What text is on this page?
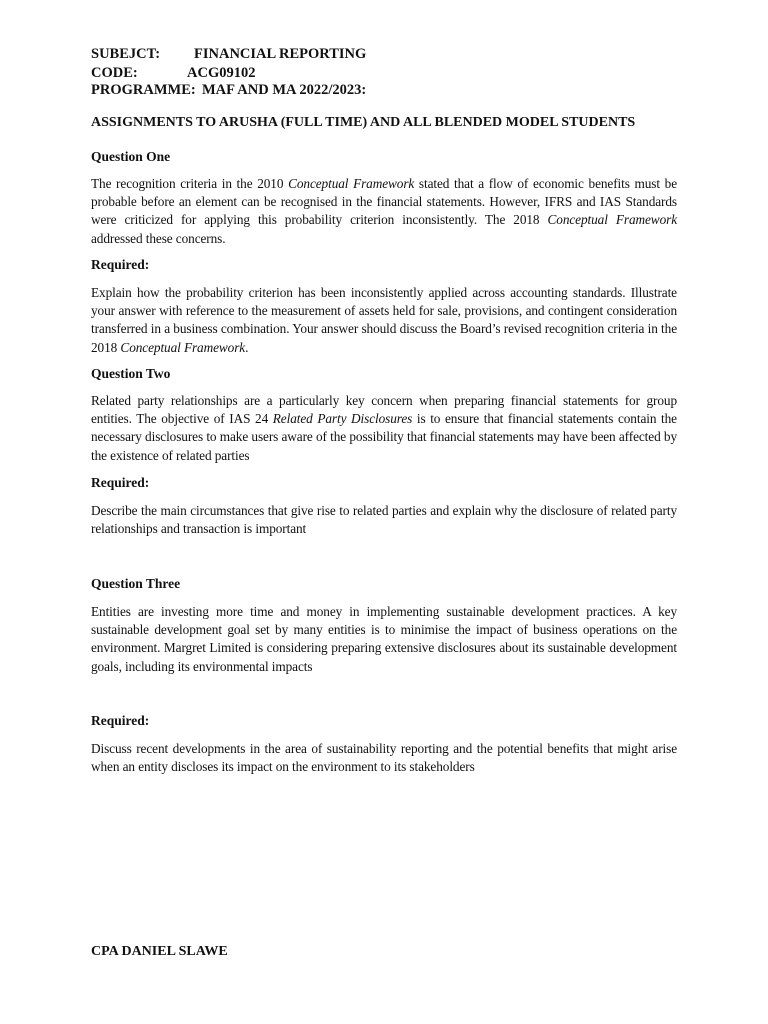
SUBEJCT: FINANCIAL REPORTING
CODE:	ACG09102
PROGRAMME: MAF AND MA 2022/2023:
ASSIGNMENTS TO ARUSHA (FULL TIME) AND ALL BLENDED MODEL STUDENTS
Question One
The recognition criteria in the 2010 Conceptual Framework stated that a flow of economic benefits must be probable before an element can be recognised in the financial statements. However, IFRS and IAS Standards were criticized for applying this probability criterion inconsistently. The 2018 Conceptual Framework addressed these concerns.
Required:
Explain how the probability criterion has been inconsistently applied across accounting standards. Illustrate your answer with reference to the measurement of assets held for sale, provisions, and contingent consideration transferred in a business combination. Your answer should discuss the Board’s revised recognition criteria in the 2018 Conceptual Framework.
Question Two
Related party relationships are a particularly key concern when preparing financial statements for group entities. The objective of IAS 24 Related Party Disclosures is to ensure that financial statements contain the necessary disclosures to make users aware of the possibility that financial statements may have been affected by the existence of related parties
Required:
Describe the main circumstances that give rise to related parties and explain why the disclosure of related party relationships and transaction is important
Question Three
Entities are investing more time and money in implementing sustainable development practices. A key sustainable development goal set by many entities is to minimise the impact of business operations on the environment. Margret Limited is considering preparing extensive disclosures about its sustainable development goals, including its environmental impacts
Required:
Discuss recent developments in the area of sustainability reporting and the potential benefits that might arise when an entity discloses its impact on the environment to its stakeholders
CPA DANIEL SLAWE
